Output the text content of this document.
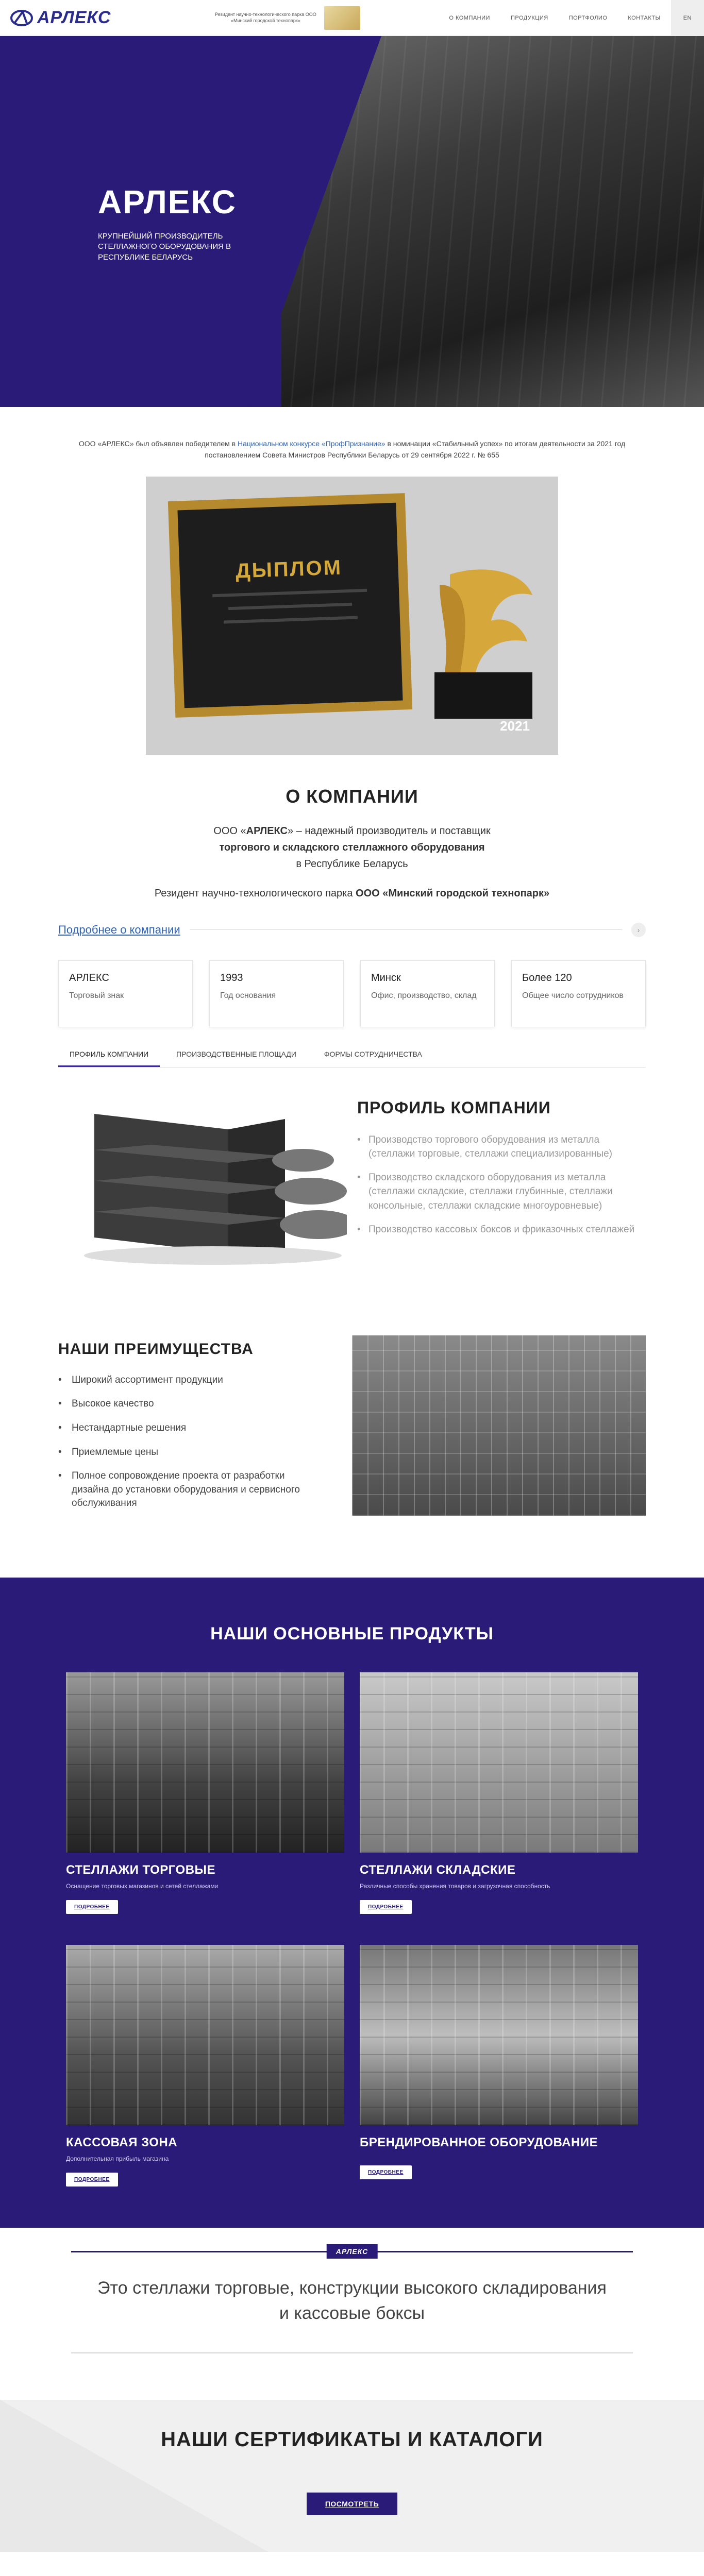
АРЛЕКС	Резидент научно-технологического парка ООО «Минский городской технопарк»	О КОМПАНИИ	ПРОДУКЦИЯ	ПОРТФОЛИО	КОНТАКТЫ	EN
АРЛЕКС

КРУПНЕЙШИЙ ПРОИЗВОДИТЕЛЬ СТЕЛЛАЖНОГО ОБОРУДОВАНИЯ В РЕСПУБЛИКЕ БЕЛАРУСЬ

ООО «АРЛЕКС» был объявлен победителем в Национальном конкурсе «ПрофПризнание» в номинации «Стабильный успех» по итогам деятельности за 2021 год постановлением Совета Министров Республики Беларусь от 29 сентября 2022 г. № 655

ДЫПЛОМ
2021
О КОМПАНИИ
ООО «АРЛЕКС» – надежный производитель и поставщик
торгового и складского стеллажного оборудования
в Республике Беларусь
Резидент научно-технологического парка ООО «Минский городской технопарк»
Подробнее о компании	›
АРЛЕКС
Торговый знак
1993
Год основания
Минск
Офис, производство, склад
Более 120
Общее число сотрудников
ПРОФИЛЬ КОМПАНИИ	ПРОИЗВОДСТВЕННЫЕ ПЛОЩАДИ	ФОРМЫ СОТРУДНИЧЕСТВА
ПРОФИЛЬ КОМПАНИИ
• Производство торгового оборудования из металла (стеллажи торговые, стеллажи специализированные)
• Производство складского оборудования из металла (стеллажи складские, стеллажи глубинные, стеллажи консольные, стеллажи складские многоуровневые)
• Производство кассовых боксов и фриказочных стеллажей
НАШИ ПРЕИМУЩЕСТВА
• Широкий ассортимент продукции
• Высокое качество
• Нестандартные решения
• Приемлемые цены
• Полное сопровождение проекта от разработки дизайна до установки оборудования и сервисного обслуживания
НАШИ ОСНОВНЫЕ ПРОДУКТЫ
СТЕЛЛАЖИ ТОРГОВЫЕ
Оснащение торговых магазинов и сетей стеллажами
ПОДРОБНЕЕ
СТЕЛЛАЖИ СКЛАДСКИЕ
Различные способы хранения товаров и загрузочная способность
ПОДРОБНЕЕ
КАССОВАЯ ЗОНА
Дополнительная прибыль магазина
ПОДРОБНЕЕ
БРЕНДИРОВАННОЕ ОБОРУДОВАНИЕ
ПОДРОБНЕЕ
АРЛЕКС
Это стеллажи торговые, конструкции высокого складирования
и кассовые боксы
НАШИ СЕРТИФИКАТЫ И КАТАЛОГИ
ПОСМОТРЕТЬ
